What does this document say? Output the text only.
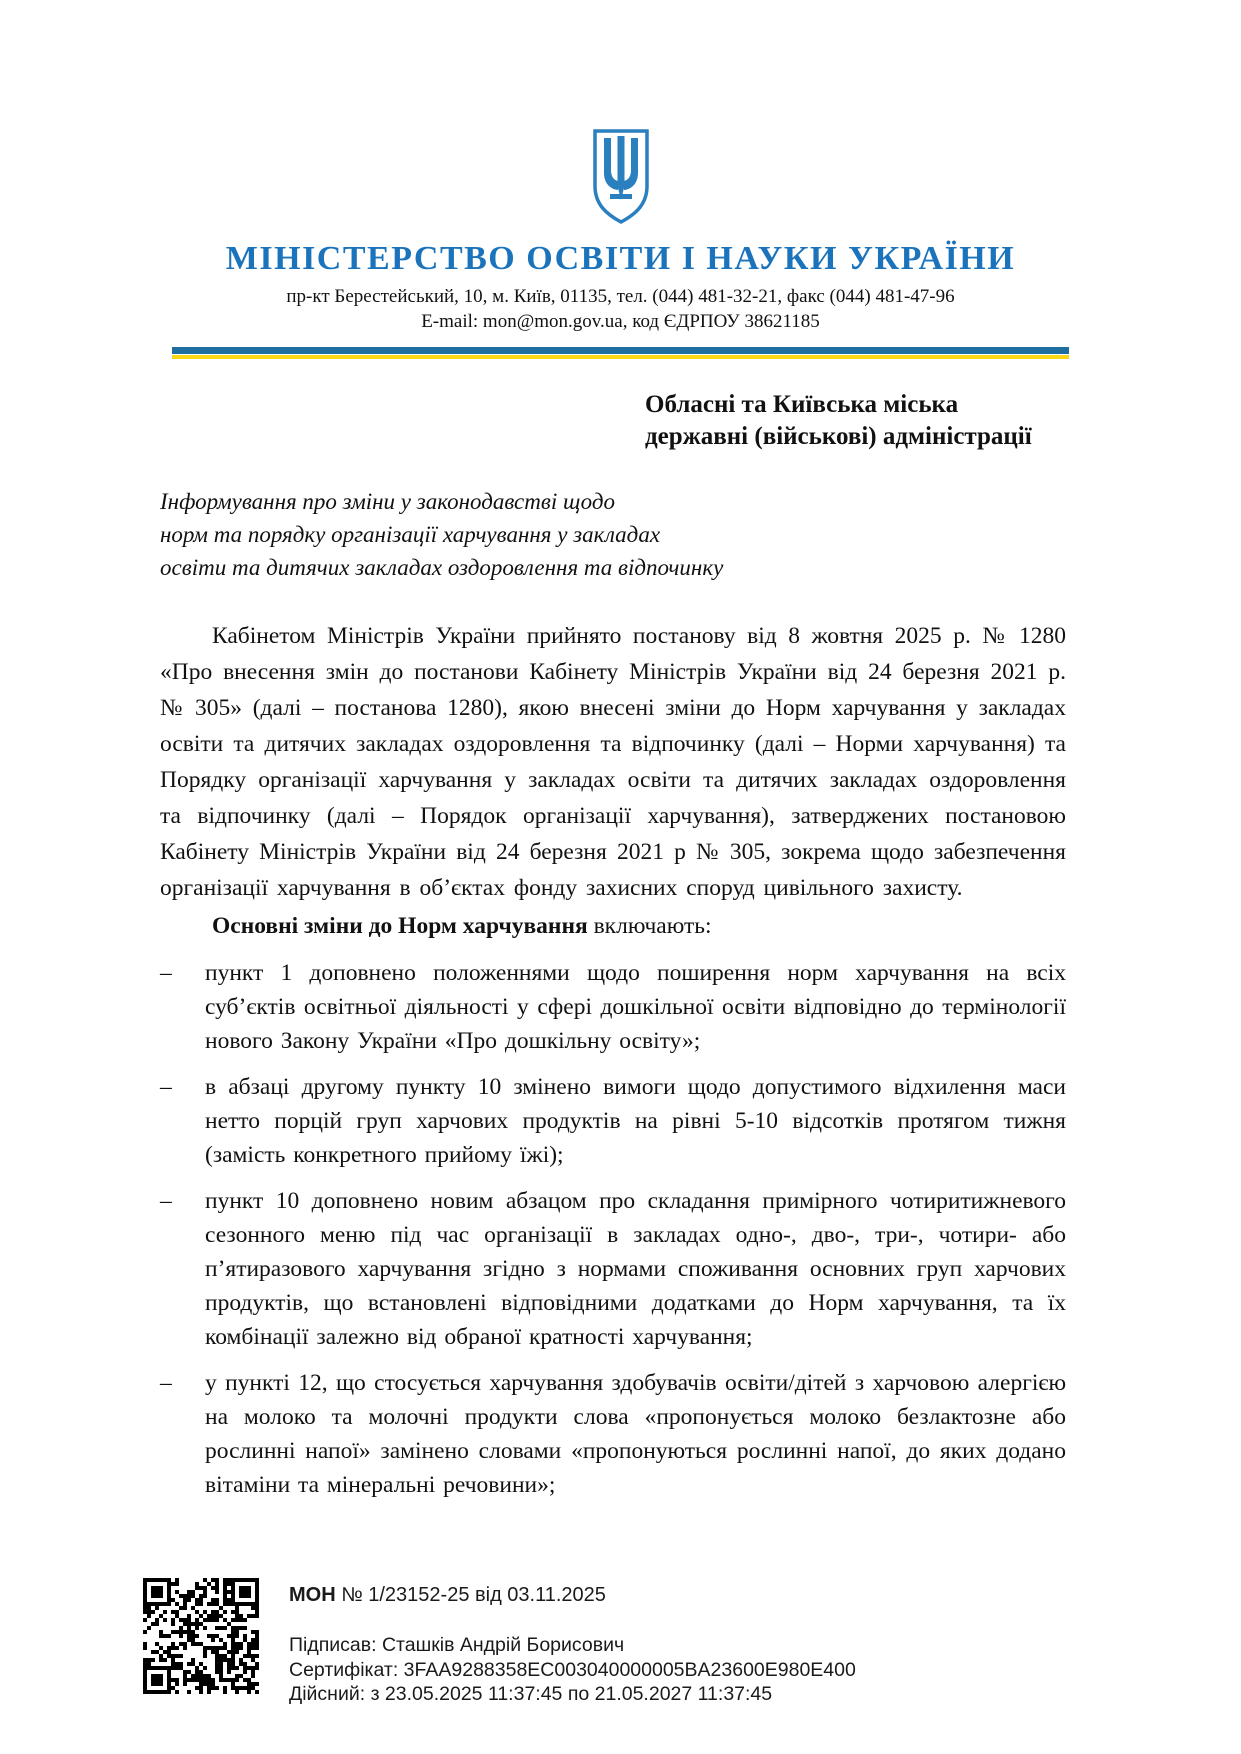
МІНІСТЕРСТВО ОСВІТИ І НАУКИ УКРАЇНИ
пр-кт Берестейський, 10, м. Київ, 01135, тел. (044) 481-32-21, факс (044) 481-47-96
E-mail: mon@mon.gov.ua, код ЄДРПОУ 38621185
Обласні та Київська міська
державні (військові) адміністрації
Інформування про зміни у законодавстві щодо
норм та порядку організації харчування у закладах
освіти та дитячих закладах оздоровлення та відпочинку

Кабінетом Міністрів України прийнято постанову від 8 жовтня 2025 р. № 1280 «Про внесення змін до постанови Кабінету Міністрів України від 24 березня 2021 р. № 305» (далі – постанова 1280), якою внесені зміни до Норм харчування у закладах освіти та дитячих закладах оздоровлення та відпочинку (далі – Норми харчування) та Порядку організації харчування у закладах освіти та дитячих закладах оздоровлення та відпочинку (далі – Порядок організації харчування), затверджених постановою Кабінету Міністрів України від 24 березня 2021 р № 305, зокрема щодо забезпечення організації харчування в об’єктах фонду захисних споруд цивільного захисту.

Основні зміни до Норм харчування включають:

–	пункт 1 доповнено положеннями щодо поширення норм харчування на всіх суб’єктів освітньої діяльності у сфері дошкільної освіти відповідно до термінології нового Закону України «Про дошкільну освіту»;
–	в абзаці другому пункту 10 змінено вимоги щодо допустимого відхилення маси нетто порцій груп харчових продуктів на рівні 5-10 відсотків протягом тижня (замість конкретного прийому їжі);
–	пункт 10 доповнено новим абзацом про складання примірного чотиритижневого сезонного меню під час організації в закладах одно-, дво-, три-, чотири- або п’ятиразового харчування згідно з нормами споживання основних груп харчових продуктів, що встановлені відповідними додатками до Норм харчування, та їх комбінації залежно від обраної кратності харчування;
–	у пункті 12, що стосується харчування здобувачів освіти/дітей з харчовою алергією на молоко та молочні продукти слова «пропонується молоко безлактозне або рослинні напої» замінено словами «пропонуються рослинні напої, до яких додано вітаміни та мінеральні речовини»;
МОН № 1/23152-25 від 03.11.2025
Підписав: Сташків Андрій Борисович
Сертифікат: 3FAA9288358EC003040000005BA23600E980E400
Дійсний: з 23.05.2025 11:37:45 по 21.05.2027 11:37:45
